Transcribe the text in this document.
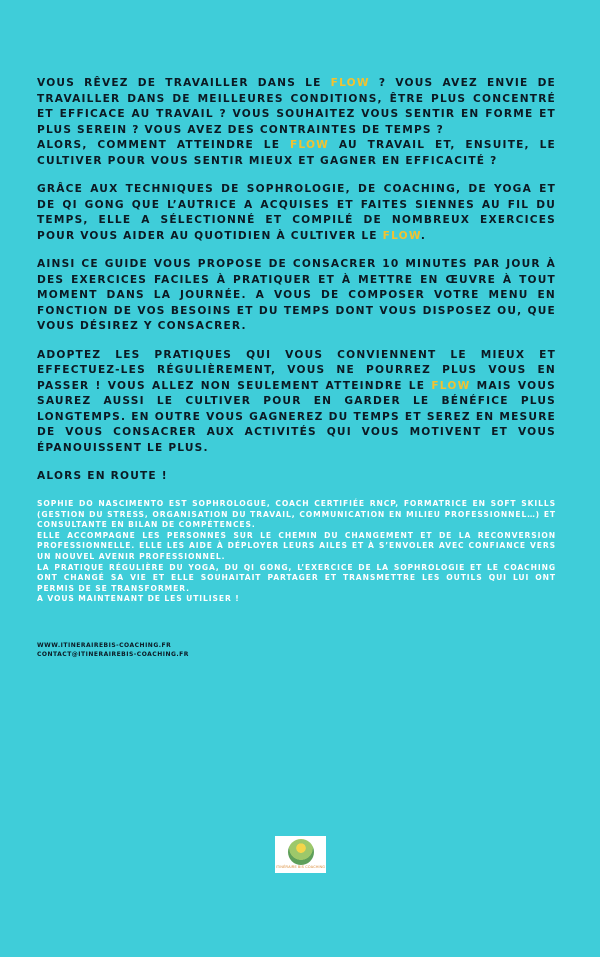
VOUS RÊVEZ DE TRAVAILLER DANS LE FLOW ? VOUS AVEZ ENVIE DE TRAVAILLER DANS DE MEILLEURES CONDITIONS, ÊTRE PLUS CONCENTRÉ ET EFFICACE AU TRAVAIL ? VOUS SOUHAITEZ VOUS SENTIR EN FORME ET PLUS SEREIN ? VOUS AVEZ DES CONTRAINTES DE TEMPS ?
ALORS, COMMENT ATTEINDRE LE FLOW AU TRAVAIL ET, ENSUITE, LE CULTIVER POUR VOUS SENTIR MIEUX ET GAGNER EN EFFICACITÉ ?

GRÂCE AUX TECHNIQUES DE SOPHROLOGIE, DE COACHING, DE YOGA ET DE QI GONG QUE L’AUTRICE A ACQUISES ET FAITES SIENNES AU FIL DU TEMPS, ELLE A SÉLECTIONNÉ ET COMPILÉ DE NOMBREUX EXERCICES POUR VOUS AIDER AU QUOTIDIEN À CULTIVER LE FLOW.

AINSI CE GUIDE VOUS PROPOSE DE CONSACRER 10 MINUTES PAR JOUR À DES EXERCICES FACILES À PRATIQUER ET À METTRE EN ŒUVRE À TOUT MOMENT DANS LA JOURNÉE. A VOUS DE COMPOSER VOTRE MENU EN FONCTION DE VOS BESOINS ET DU TEMPS DONT VOUS DISPOSEZ OU, QUE VOUS DÉSIREZ Y CONSACRER.

ADOPTEZ LES PRATIQUES QUI VOUS CONVIENNENT LE MIEUX ET EFFECTUEZ-LES RÉGULIÈREMENT, VOUS NE POURREZ PLUS VOUS EN PASSER ! VOUS ALLEZ NON SEULEMENT ATTEINDRE LE FLOW MAIS VOUS SAUREZ AUSSI LE CULTIVER POUR EN GARDER LE BÉNÉFICE PLUS LONGTEMPS. EN OUTRE VOUS GAGNEREZ DU TEMPS ET SEREZ EN MESURE DE VOUS CONSACRER AUX ACTIVITÉS QUI VOUS MOTIVENT ET VOUS ÉPANOUISSENT LE PLUS.

ALORS EN ROUTE !

SOPHIE DO NASCIMENTO EST SOPHROLOGUE, COACH CERTIFIÉE RNCP, FORMATRICE EN SOFT SKILLS (GESTION DU STRESS, ORGANISATION DU TRAVAIL, COMMUNICATION EN MILIEU PROFESSIONNEL…) ET CONSULTANTE EN BILAN DE COMPÉTENCES.

ELLE ACCOMPAGNE LES PERSONNES SUR LE CHEMIN DU CHANGEMENT ET DE LA RECONVERSION PROFESSIONNELLE. ELLE LES AIDE À DÉPLOYER LEURS AILES ET À S’ENVOLER AVEC CONFIANCE VERS UN NOUVEL AVENIR PROFESSIONNEL.

LA PRATIQUE RÉGULIÈRE DU YOGA, DU QI GONG, L’EXERCICE DE LA SOPHROLOGIE ET LE COACHING ONT CHANGÉ SA VIE ET ELLE SOUHAITAIT PARTAGER ET TRANSMETTRE LES OUTILS QUI LUI ONT PERMIS DE SE TRANSFORMER.

A VOUS MAINTENANT DE LES UTILISER !

WWW.ITINERAIREBIS-COACHING.FR
CONTACT@ITINERAIREBIS-COACHING.FR
ITINÉRAIRE BIS COACHING
